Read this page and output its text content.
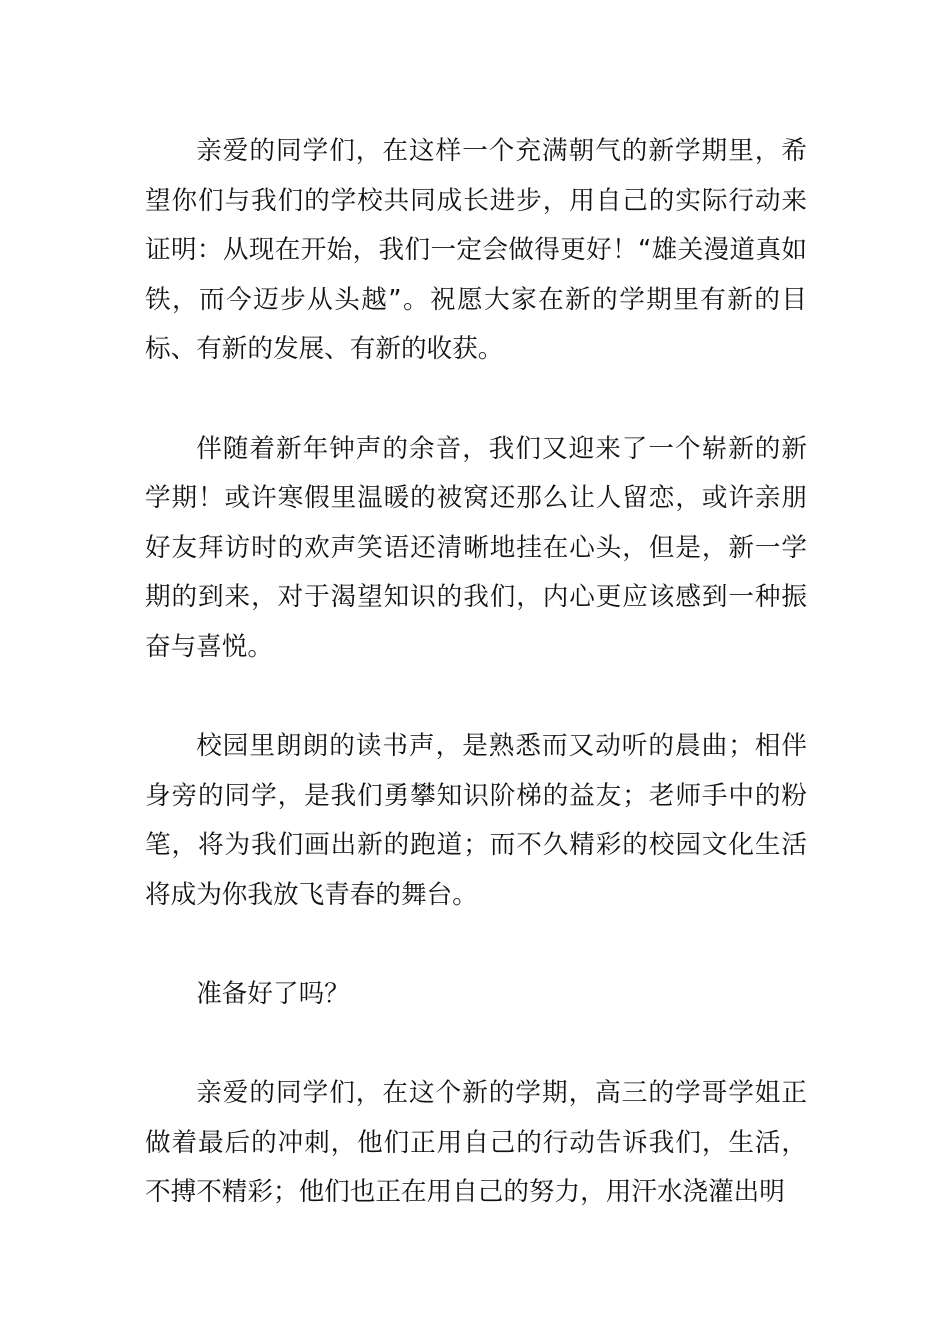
亲爱的同学们，在这样一个充满朝气的新学期里，希望你们与我们的学校共同成长进步，用自己的实际行动来证明：从现在开始，我们一定会做得更好！“雄关漫道真如铁，而今迈步从头越”。祝愿大家在新的学期里有新的目标、有新的发展、有新的收获。

伴随着新年钟声的余音，我们又迎来了一个崭新的新学期！或许寒假里温暖的被窝还那么让人留恋，或许亲朋好友拜访时的欢声笑语还清晰地挂在心头，但是，新一学期的到来，对于渴望知识的我们，内心更应该感到一种振奋与喜悦。

校园里朗朗的读书声，是熟悉而又动听的晨曲；相伴身旁的同学，是我们勇攀知识阶梯的益友；老师手中的粉笔，将为我们画出新的跑道；而不久精彩的校园文化生活将成为你我放飞青春的舞台。

准备好了吗？

亲爱的同学们，在这个新的学期，高三的学哥学姐正做着最后的冲刺，他们正用自己的行动告诉我们，生活，不搏不精彩；他们也正在用自己的努力，用汗水浇灌出明
